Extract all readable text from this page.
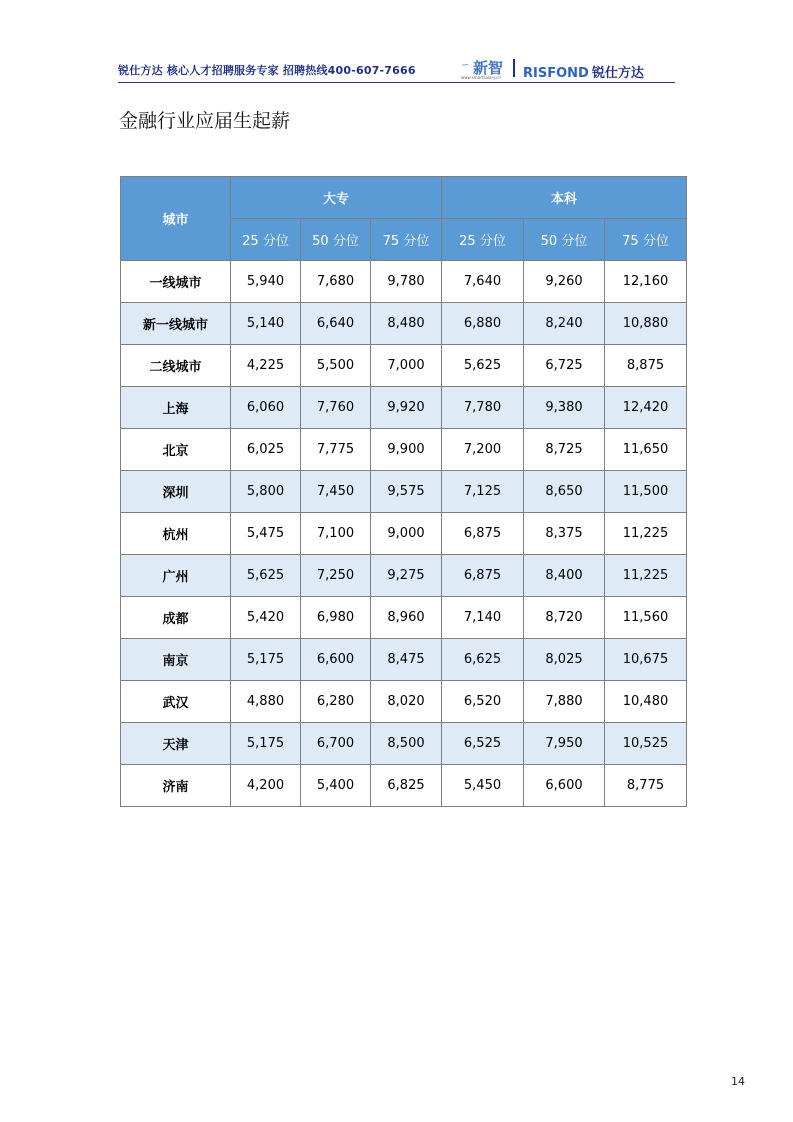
锐仕方达 核心人才招聘服务专家 招聘热线400-607-7666	∽ 新智
www.smartsalary.cn RISFOND 锐仕方达
金融行业应届生起薪
城市	大专			本科		
	25 分位	50 分位	75 分位	25 分位	50 分位	75 分位
一线城市	5,940	7,680	9,780	7,640	9,260	12,160
新一线城市	5,140	6,640	8,480	6,880	8,240	10,880
二线城市	4,225	5,500	7,000	5,625	6,725	8,875
上海	6,060	7,760	9,920	7,780	9,380	12,420
北京	6,025	7,775	9,900	7,200	8,725	11,650
深圳	5,800	7,450	9,575	7,125	8,650	11,500
杭州	5,475	7,100	9,000	6,875	8,375	11,225
广州	5,625	7,250	9,275	6,875	8,400	11,225
成都	5,420	6,980	8,960	7,140	8,720	11,560
南京	5,175	6,600	8,475	6,625	8,025	10,675
武汉	4,880	6,280	8,020	6,520	7,880	10,480
天津	5,175	6,700	8,500	6,525	7,950	10,525
济南	4,200	5,400	6,825	5,450	6,600	8,775
14
